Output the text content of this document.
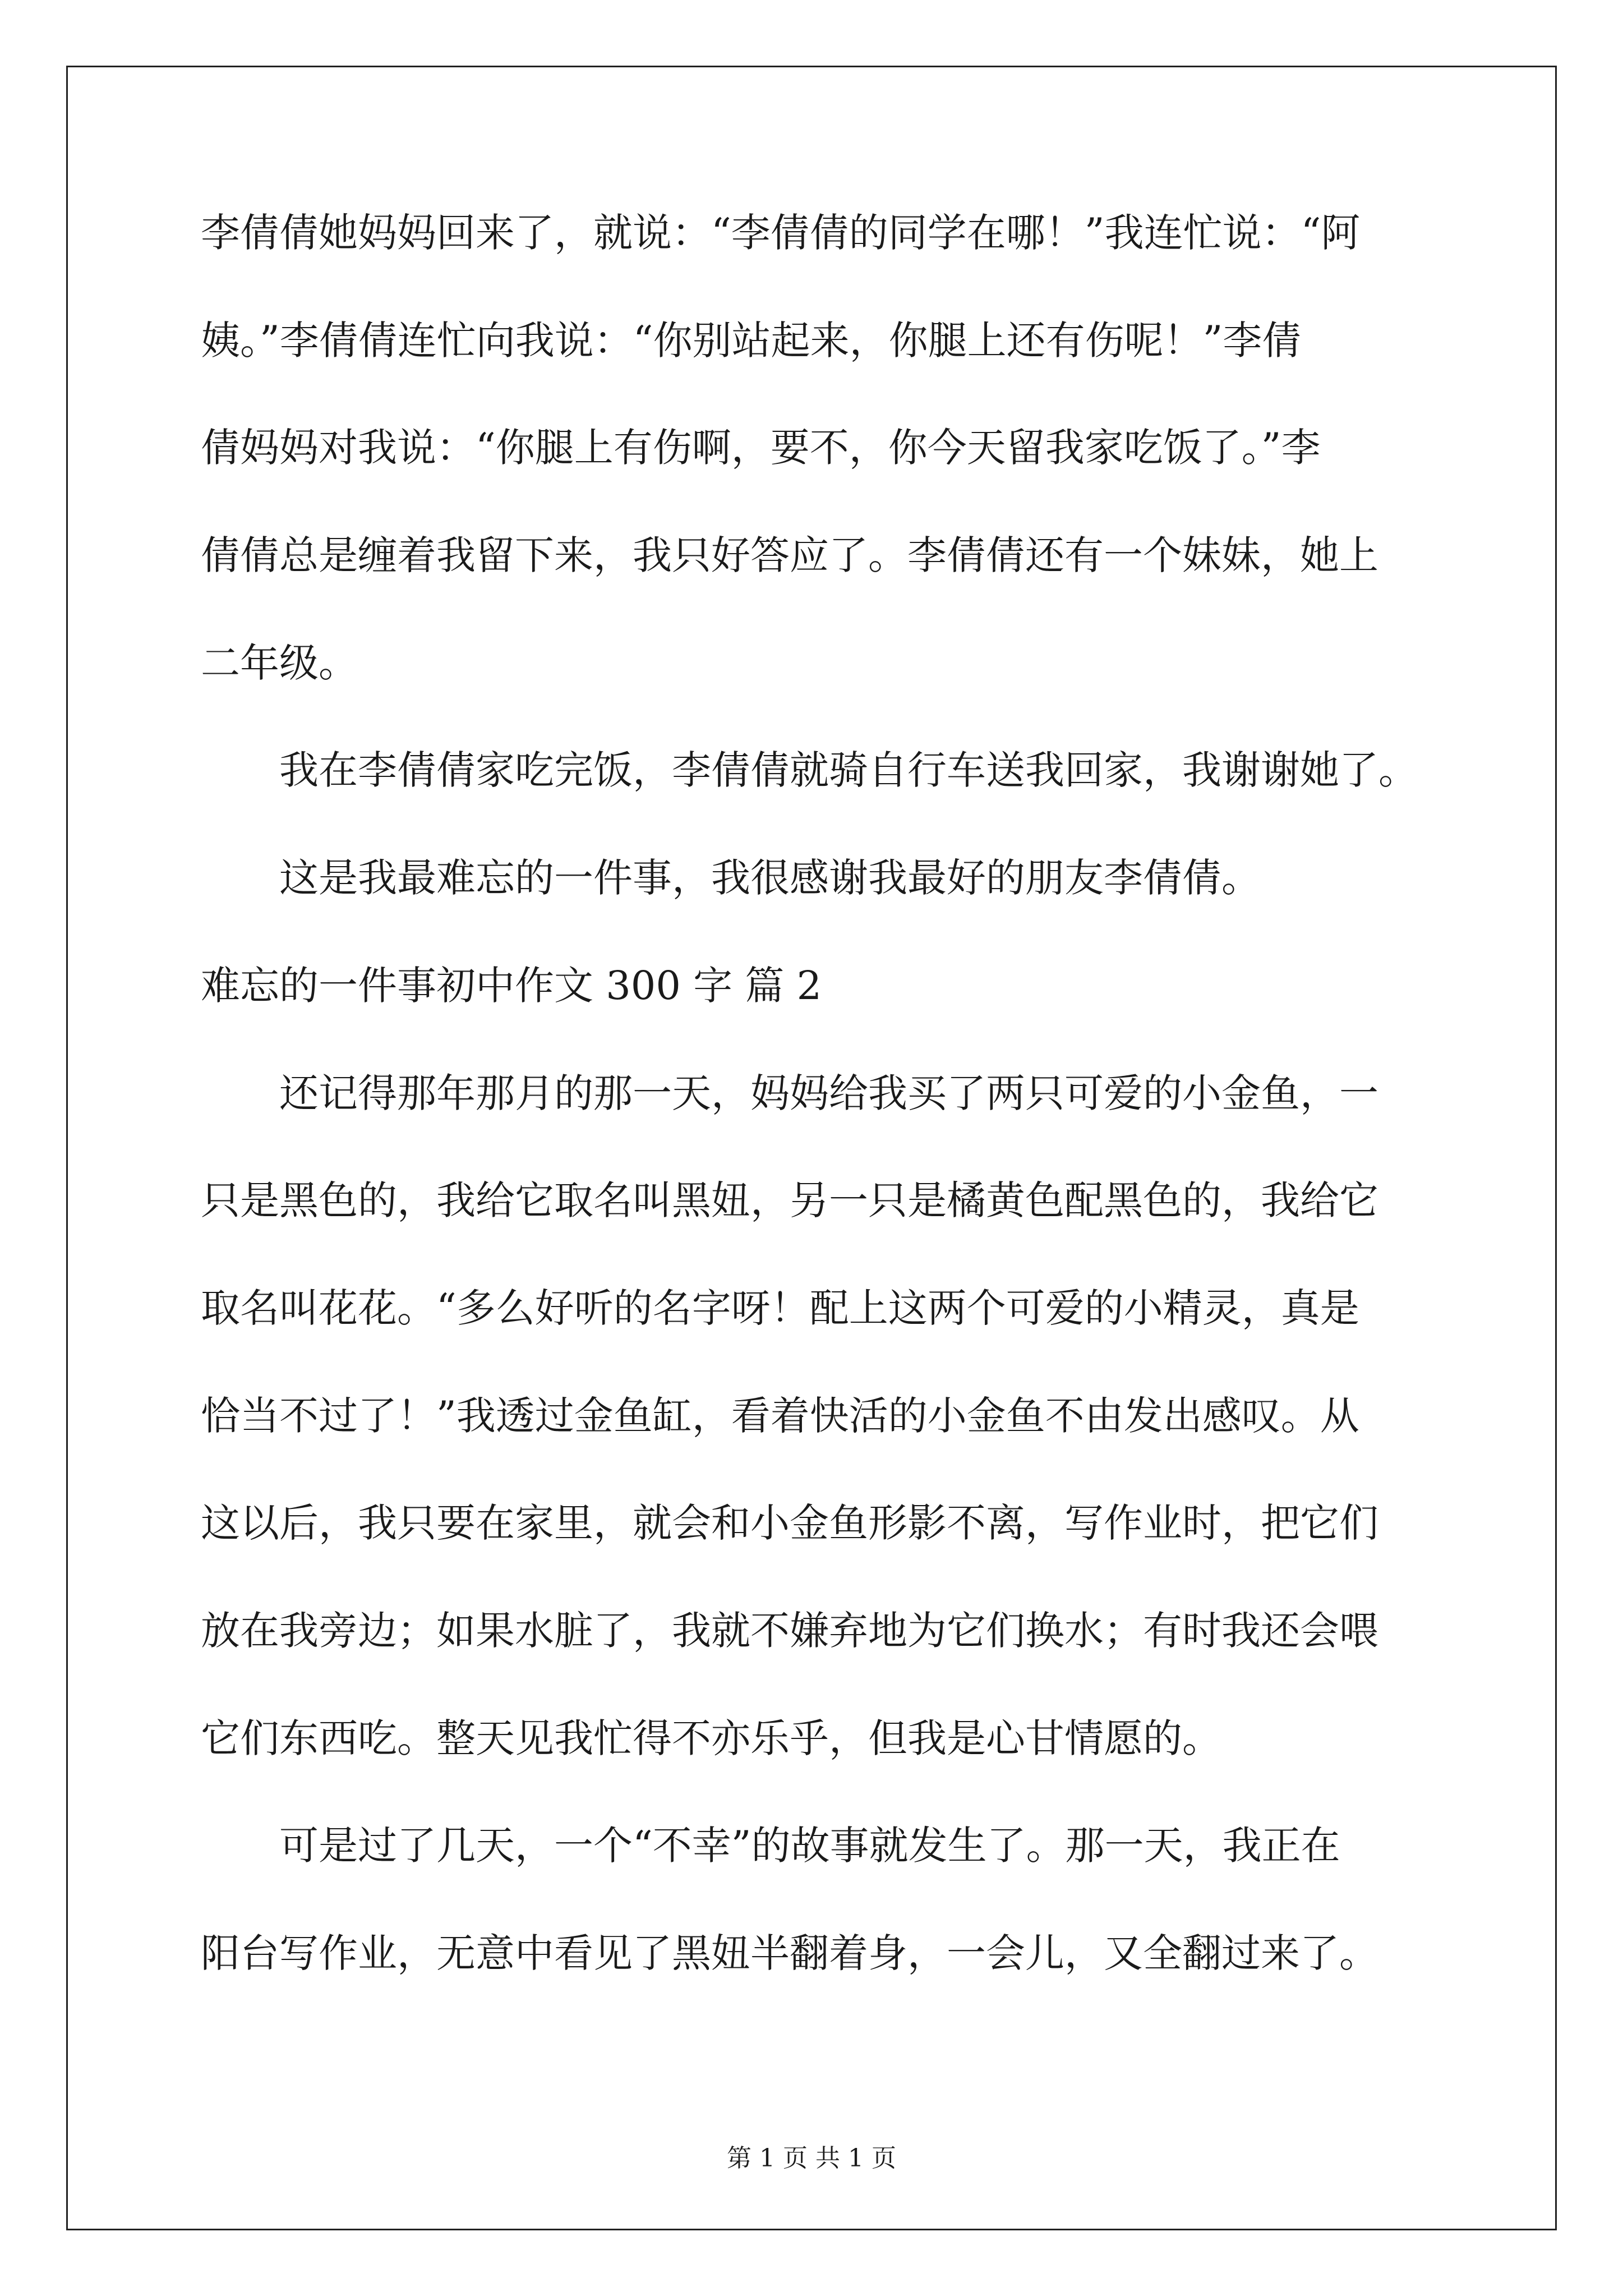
李倩倩她妈妈回来了，就说：“李倩倩的同学在哪！”我连忙说：“阿

姨。”李倩倩连忙向我说：“你别站起来，你腿上还有伤呢！”李倩

倩妈妈对我说：“你腿上有伤啊，要不，你今天留我家吃饭了。”李

倩倩总是缠着我留下来，我只好答应了。李倩倩还有一个妹妹，她上

二年级。

我在李倩倩家吃完饭，李倩倩就骑自行车送我回家，我谢谢她了。

这是我最难忘的一件事，我很感谢我最好的朋友李倩倩。

难忘的一件事初中作文 300 字 篇 2

还记得那年那月的那一天，妈妈给我买了两只可爱的小金鱼，一

只是黑色的，我给它取名叫黑妞，另一只是橘黄色配黑色的，我给它

取名叫花花。“多么好听的名字呀！配上这两个可爱的小精灵，真是

恰当不过了！”我透过金鱼缸，看着快活的小金鱼不由发出感叹。从

这以后，我只要在家里，就会和小金鱼形影不离，写作业时，把它们

放在我旁边；如果水脏了，我就不嫌弃地为它们换水；有时我还会喂

它们东西吃。整天见我忙得不亦乐乎，但我是心甘情愿的。

可是过了几天，一个“不幸”的故事就发生了。那一天，我正在

阳台写作业，无意中看见了黑妞半翻着身，一会儿，又全翻过来了。

第 1 页 共 1 页
